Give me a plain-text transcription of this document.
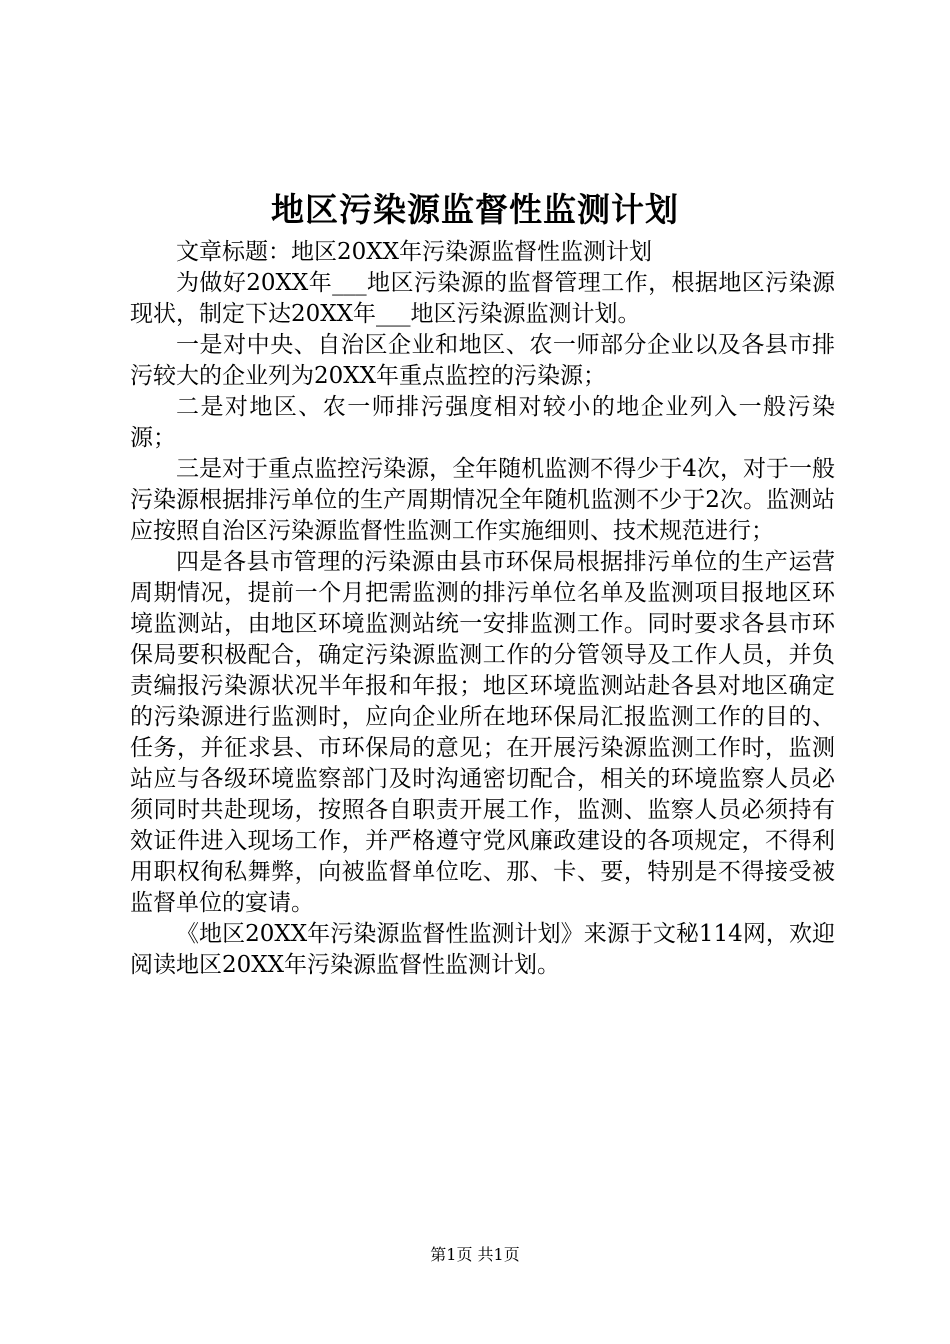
地区污染源监督性监测计划

文章标题：地区20XX年污染源监督性监测计划

为做好20XX年___地区污染源的监督管理工作，根据地区污染源现状，制定下达20XX年___地区污染源监测计划。

一是对中央、自治区企业和地区、农一师部分企业以及各县市排污较大的企业列为20XX年重点监控的污染源；

二是对地区、农一师排污强度相对较小的地企业列入一般污染源；

三是对于重点监控污染源，全年随机监测不得少于4次，对于一般污染源根据排污单位的生产周期情况全年随机监测不少于2次。监测站应按照自治区污染源监督性监测工作实施细则、技术规范进行；

四是各县市管理的污染源由县市环保局根据排污单位的生产运营周期情况，提前一个月把需监测的排污单位名单及监测项目报地区环境监测站，由地区环境监测站统一安排监测工作。同时要求各县市环保局要积极配合，确定污染源监测工作的分管领导及工作人员，并负责编报污染源状况半年报和年报；地区环境监测站赴各县对地区确定的污染源进行监测时，应向企业所在地环保局汇报监测工作的目的、任务，并征求县、市环保局的意见；在开展污染源监测工作时，监测站应与各级环境监察部门及时沟通密切配合，相关的环境监察人员必须同时共赴现场，按照各自职责开展工作，监测、监察人员必须持有效证件进入现场工作，并严格遵守党风廉政建设的各项规定，不得利用职权徇私舞弊，向被监督单位吃、那、卡、要，特别是不得接受被监督单位的宴请。

《地区20XX年污染源监督性监测计划》来源于文秘114网，欢迎阅读地区20XX年污染源监督性监测计划。

第1页 共1页
